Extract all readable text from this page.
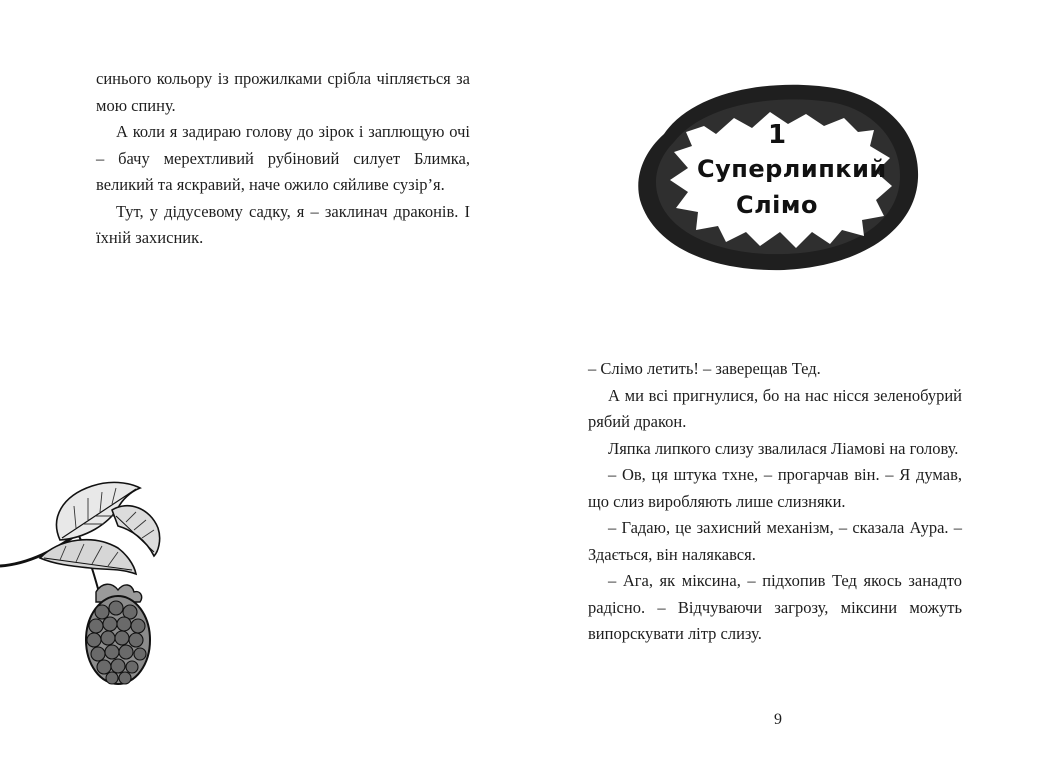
синього кольору із прожилками срібла чіпляється за мою спину.

А коли я задираю голову до зірок і заплющую очі – бачу мерехтливий рубіновий силует Блимка, великий та яскравий, наче ожило сяйливе сузір’я.

Тут, у дідусевому садку, я – заклинач драконів. І їхній захисник.

1
Суперлипкий Слімо

– Слімо летить! – заверещав Тед.

А ми всі пригнулися, бо на нас нісся зеленобурий рябий дракон.

Ляпка липкого слизу звалилася Ліамові на голову.

– Ов, ця штука тхне, – прогарчав він. – Я думав, що слиз виробляють лише слизняки.

– Гадаю, це захисний механізм, – сказала Аура. – Здається, він налякався.

– Ага, як міксина, – підхопив Тед якось занадто радісно. – Відчуваючи загрозу, міксини можуть випорскувати літр слизу.

9
